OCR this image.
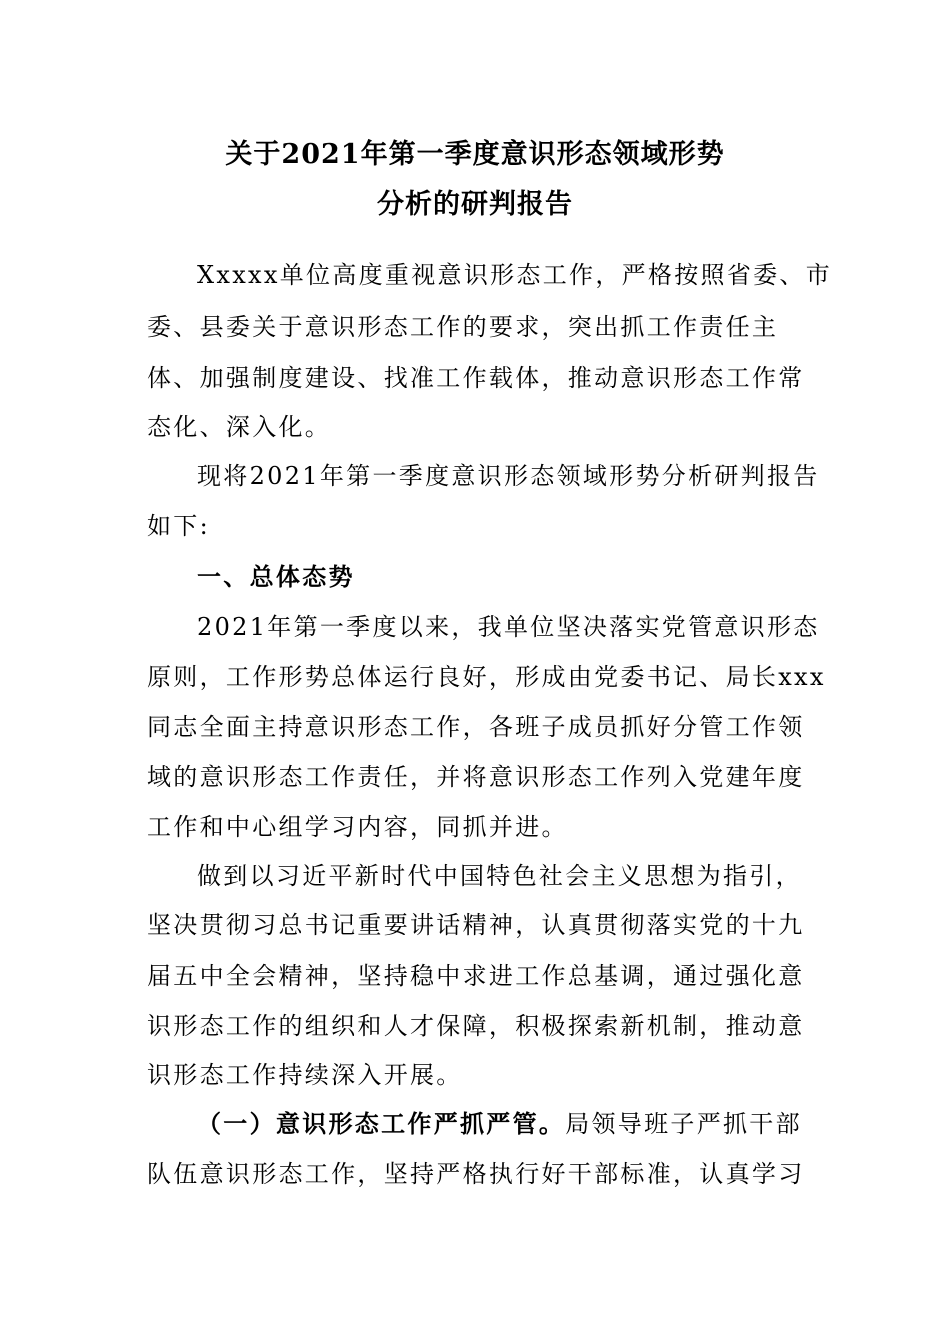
关于2021年第一季度意识形态领域形势
分析的研判报告
Xxxxx单位高度重视意识形态工作，严格按照省委、市
委、县委关于意识形态工作的要求，突出抓工作责任主
体、加强制度建设、找准工作载体，推动意识形态工作常
态化、深入化。
现将2021年第一季度意识形态领域形势分析研判报告
如下:
一、总体态势
2021年第一季度以来，我单位坚决落实党管意识形态
原则，工作形势总体运行良好，形成由党委书记、局长xxx
同志全面主持意识形态工作，各班子成员抓好分管工作领
域的意识形态工作责任，并将意识形态工作列入党建年度
工作和中心组学习内容，同抓并进。
做到以习近平新时代中国特色社会主义思想为指引，
坚决贯彻习总书记重要讲话精神，认真贯彻落实党的十九
届五中全会精神，坚持稳中求进工作总基调，通过强化意
识形态工作的组织和人才保障，积极探索新机制，推动意
识形态工作持续深入开展。
（一）意识形态工作严抓严管。局领导班子严抓干部
队伍意识形态工作，坚持严格执行好干部标准，认真学习
